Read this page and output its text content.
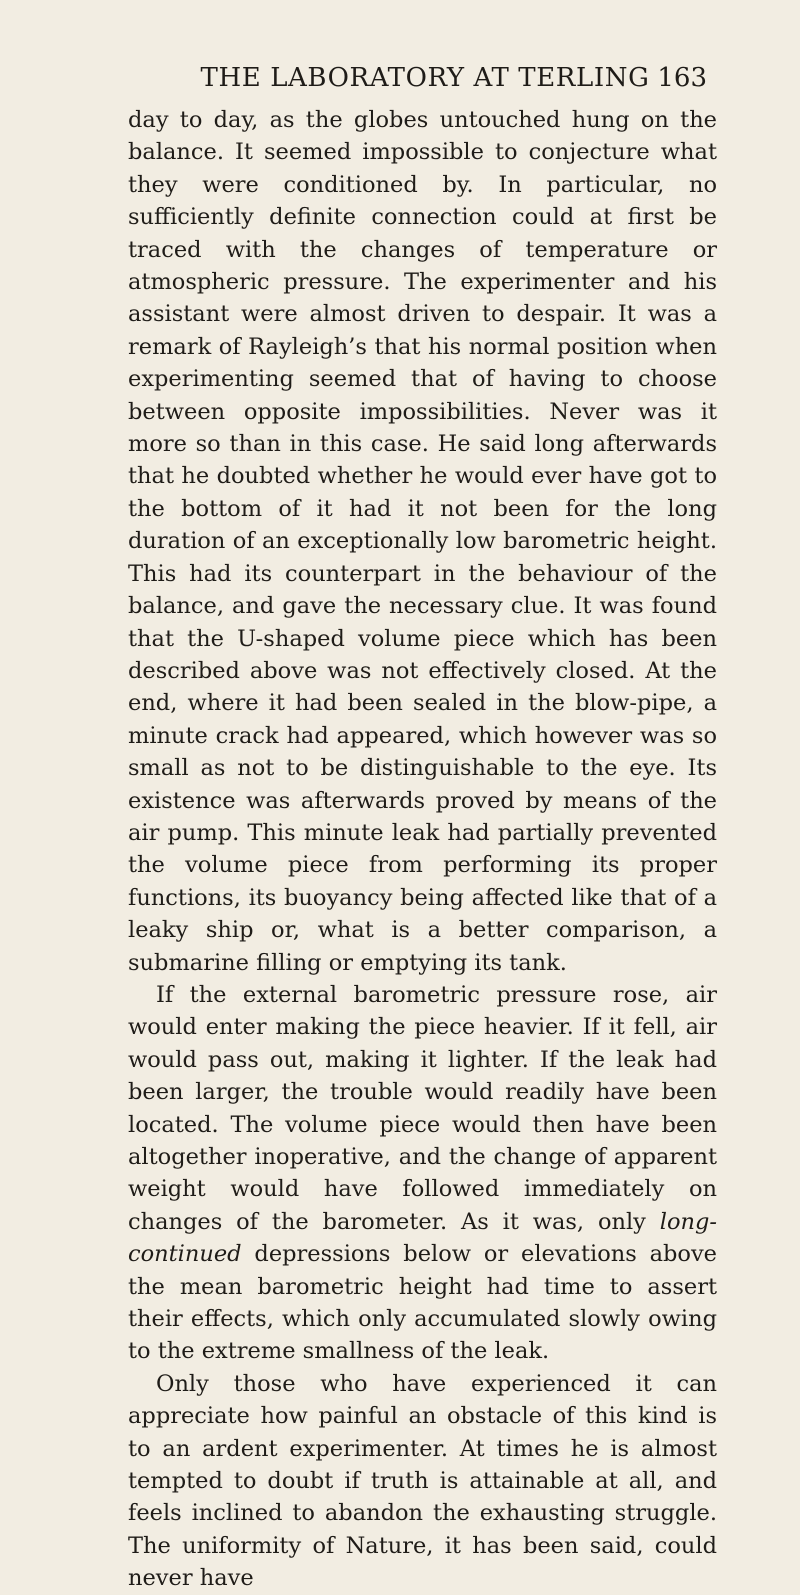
THE LABORATORY AT TERLING 163

day to day, as the globes untouched hung on the balance. It seemed impossible to conjecture what they were conditioned by. In particular, no sufficiently definite connection could at first be traced with the changes of temperature or atmospheric pressure. The experimenter and his assistant were almost driven to despair. It was a remark of Rayleigh’s that his normal position when experimenting seemed that of having to choose between opposite impossibilities. Never was it more so than in this case. He said long afterwards that he doubted whether he would ever have got to the bottom of it had it not been for the long duration of an exceptionally low barometric height. This had its counterpart in the behaviour of the balance, and gave the necessary clue. It was found that the U-shaped volume piece which has been described above was not effectively closed. At the end, where it had been sealed in the blow-pipe, a minute crack had appeared, which however was so small as not to be distinguishable to the eye. Its existence was afterwards proved by means of the air pump. This minute leak had partially prevented the volume piece from performing its proper functions, its buoyancy being affected like that of a leaky ship or, what is a better comparison, a submarine filling or emptying its tank.

If the external barometric pressure rose, air would enter making the piece heavier. If it fell, air would pass out, making it lighter. If the leak had been larger, the trouble would readily have been located. The volume piece would then have been altogether inoperative, and the change of apparent weight would have followed immediately on changes of the barometer. As it was, only long-continued depressions below or elevations above the mean barometric height had time to assert their effects, which only accumulated slowly owing to the extreme smallness of the leak.

Only those who have experienced it can appreciate how painful an obstacle of this kind is to an ardent experimenter. At times he is almost tempted to doubt if truth is attainable at all, and feels inclined to abandon the exhausting struggle. The uniformity of Nature, it has been said, could never have
